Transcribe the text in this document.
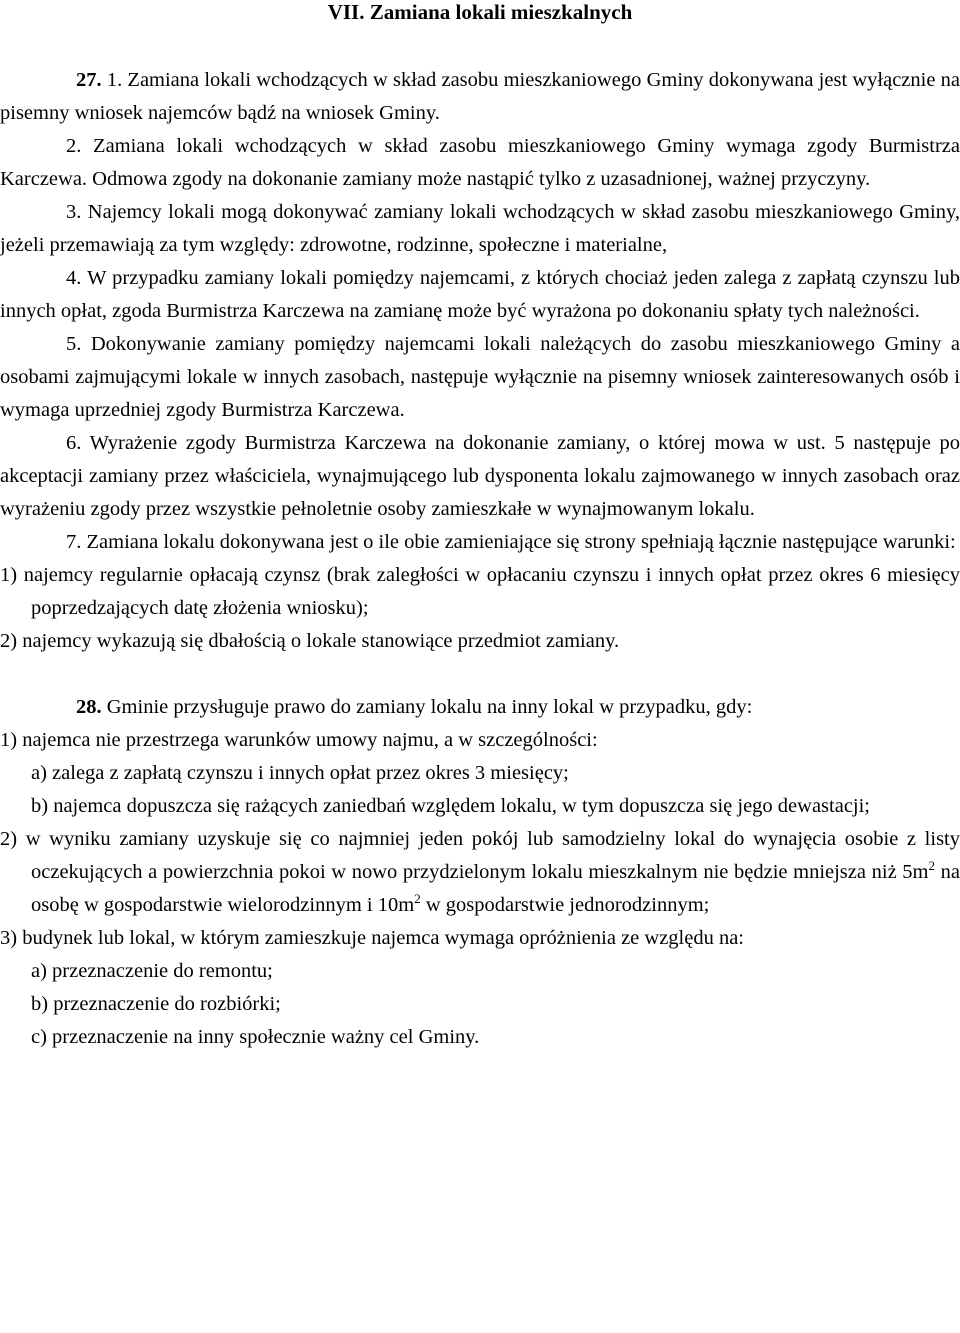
VII. Zamiana lokali mieszkalnych

27. 1. Zamiana lokali wchodzących w skład zasobu mieszkaniowego Gminy dokonywana jest wyłącznie na pisemny wniosek najemców bądź na wniosek Gminy.

2. Zamiana lokali wchodzących w skład zasobu mieszkaniowego Gminy wymaga zgody Burmistrza Karczewa. Odmowa zgody na dokonanie zamiany może nastąpić tylko z uzasadnionej, ważnej przyczyny.

3. Najemcy lokali mogą dokonywać zamiany lokali wchodzących w skład zasobu mieszkaniowego Gminy, jeżeli przemawiają za tym względy: zdrowotne, rodzinne, społeczne i materialne,

4. W przypadku zamiany lokali pomiędzy najemcami, z których chociaż jeden zalega z zapłatą czynszu lub innych opłat, zgoda Burmistrza Karczewa na zamianę może być wyrażona po dokonaniu spłaty tych należności.

5. Dokonywanie zamiany pomiędzy najemcami lokali należących do zasobu mieszkaniowego Gminy a osobami zajmującymi lokale w innych zasobach, następuje wyłącznie na pisemny wniosek zainteresowanych osób i wymaga uprzedniej zgody Burmistrza Karczewa.

6. Wyrażenie zgody Burmistrza Karczewa na dokonanie zamiany, o której mowa w ust. 5 następuje po akceptacji zamiany przez właściciela, wynajmującego lub dysponenta lokalu zajmowanego w innych zasobach oraz wyrażeniu zgody przez wszystkie pełnoletnie osoby zamieszkałe w wynajmowanym lokalu.

7. Zamiana lokalu dokonywana jest o ile obie zamieniające się strony spełniają łącznie następujące warunki:

1) najemcy regularnie opłacają czynsz (brak zaległości w opłacaniu czynszu i innych opłat przez okres 6 miesięcy poprzedzających datę złożenia wniosku);

2) najemcy wykazują się dbałością o lokale stanowiące przedmiot zamiany.

28. Gminie przysługuje prawo do zamiany lokalu na inny lokal w przypadku, gdy:

1) najemca nie przestrzega warunków umowy najmu, a w szczególności:

a) zalega z zapłatą czynszu i innych opłat przez okres 3 miesięcy;

b) najemca dopuszcza się rażących zaniedbań względem lokalu, w tym dopuszcza się jego dewastacji;

2) w wyniku zamiany uzyskuje się co najmniej jeden pokój lub samodzielny lokal do wynajęcia osobie z listy oczekujących a powierzchnia pokoi w nowo przydzielonym lokalu mieszkalnym nie będzie mniejsza niż $5m^2$ na osobę w gospodarstwie wielorodzinnym i $10m^2$ w gospodarstwie jednorodzinnym;

3) budynek lub lokal, w którym zamieszkuje najemca wymaga opróżnienia ze względu na:

a) przeznaczenie do remontu;

b) przeznaczenie do rozbiórki;

c) przeznaczenie na inny społecznie ważny cel Gminy.
